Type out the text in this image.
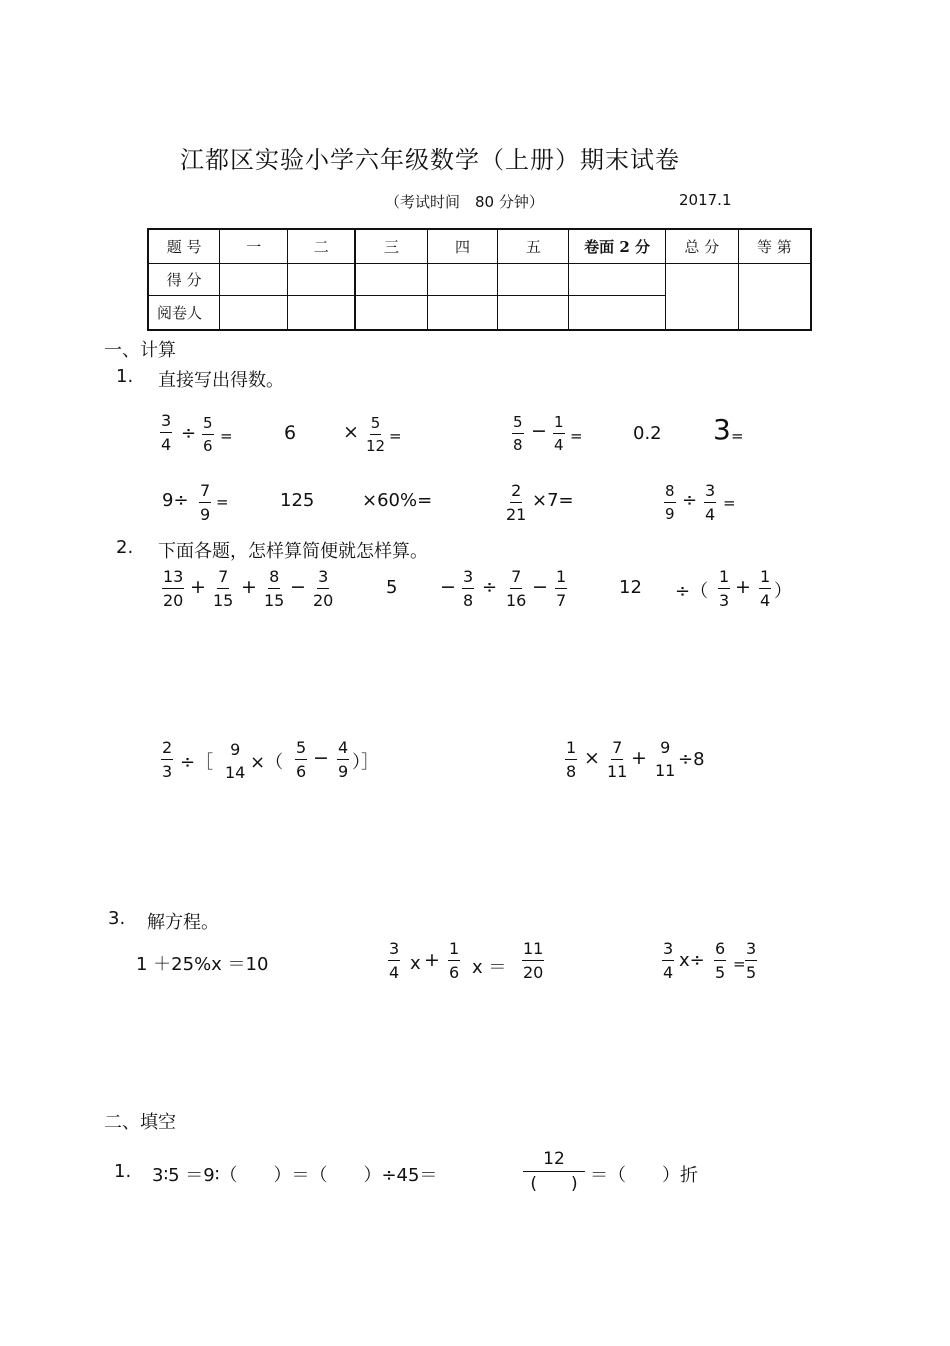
江都区实验小学六年级数学（上册）期末试卷
（考试时间　80 分钟）	2017.1
题 号	一	二	三	四	五	卷面 2 分	总 分	等 第
得 分								
阅卷人								
一、计算
1. 直接写出得数。
$\frac{3}{4} \div \frac{5}{6}$ =	$6 \times \frac{5}{12}$ =	$\frac{5}{8} - \frac{1}{4}$ =	0.2 3 =
$9\div \frac{7}{9}$ =	125	×60%=	$\frac{2}{21} \times 7=$	$\frac{8}{9} \div \frac{3}{4}$ =
2. 下面各题，怎样算简便就怎样算。
$\frac{13}{20} + \frac{7}{15} + \frac{8}{15} - \frac{3}{20}$	$5 - \frac{3}{8} \div \frac{7}{16} - \frac{1}{7}$	12 ÷（ $\frac{1}{3} + \frac{1}{4}$ ）
$\frac{2}{3}$ ÷［
9
14 ×（ $\frac{5}{6} - \frac{4}{9}$ ）］	$\frac{1}{8} \times \frac{7}{11} + 9$
11
÷8
3. 解方程。
1 ＋25%x ＝10	$\frac{3}{4}$ $x + \frac{1}{6}$ $x = \frac{11}{20}$	$\frac{3}{4} x\div \frac{6}{5} = \frac{3}{5}$
二、填空
1. 3∶5 ＝9∶（　　）＝（　　）÷45＝
12
(　　) ＝（　　）折
